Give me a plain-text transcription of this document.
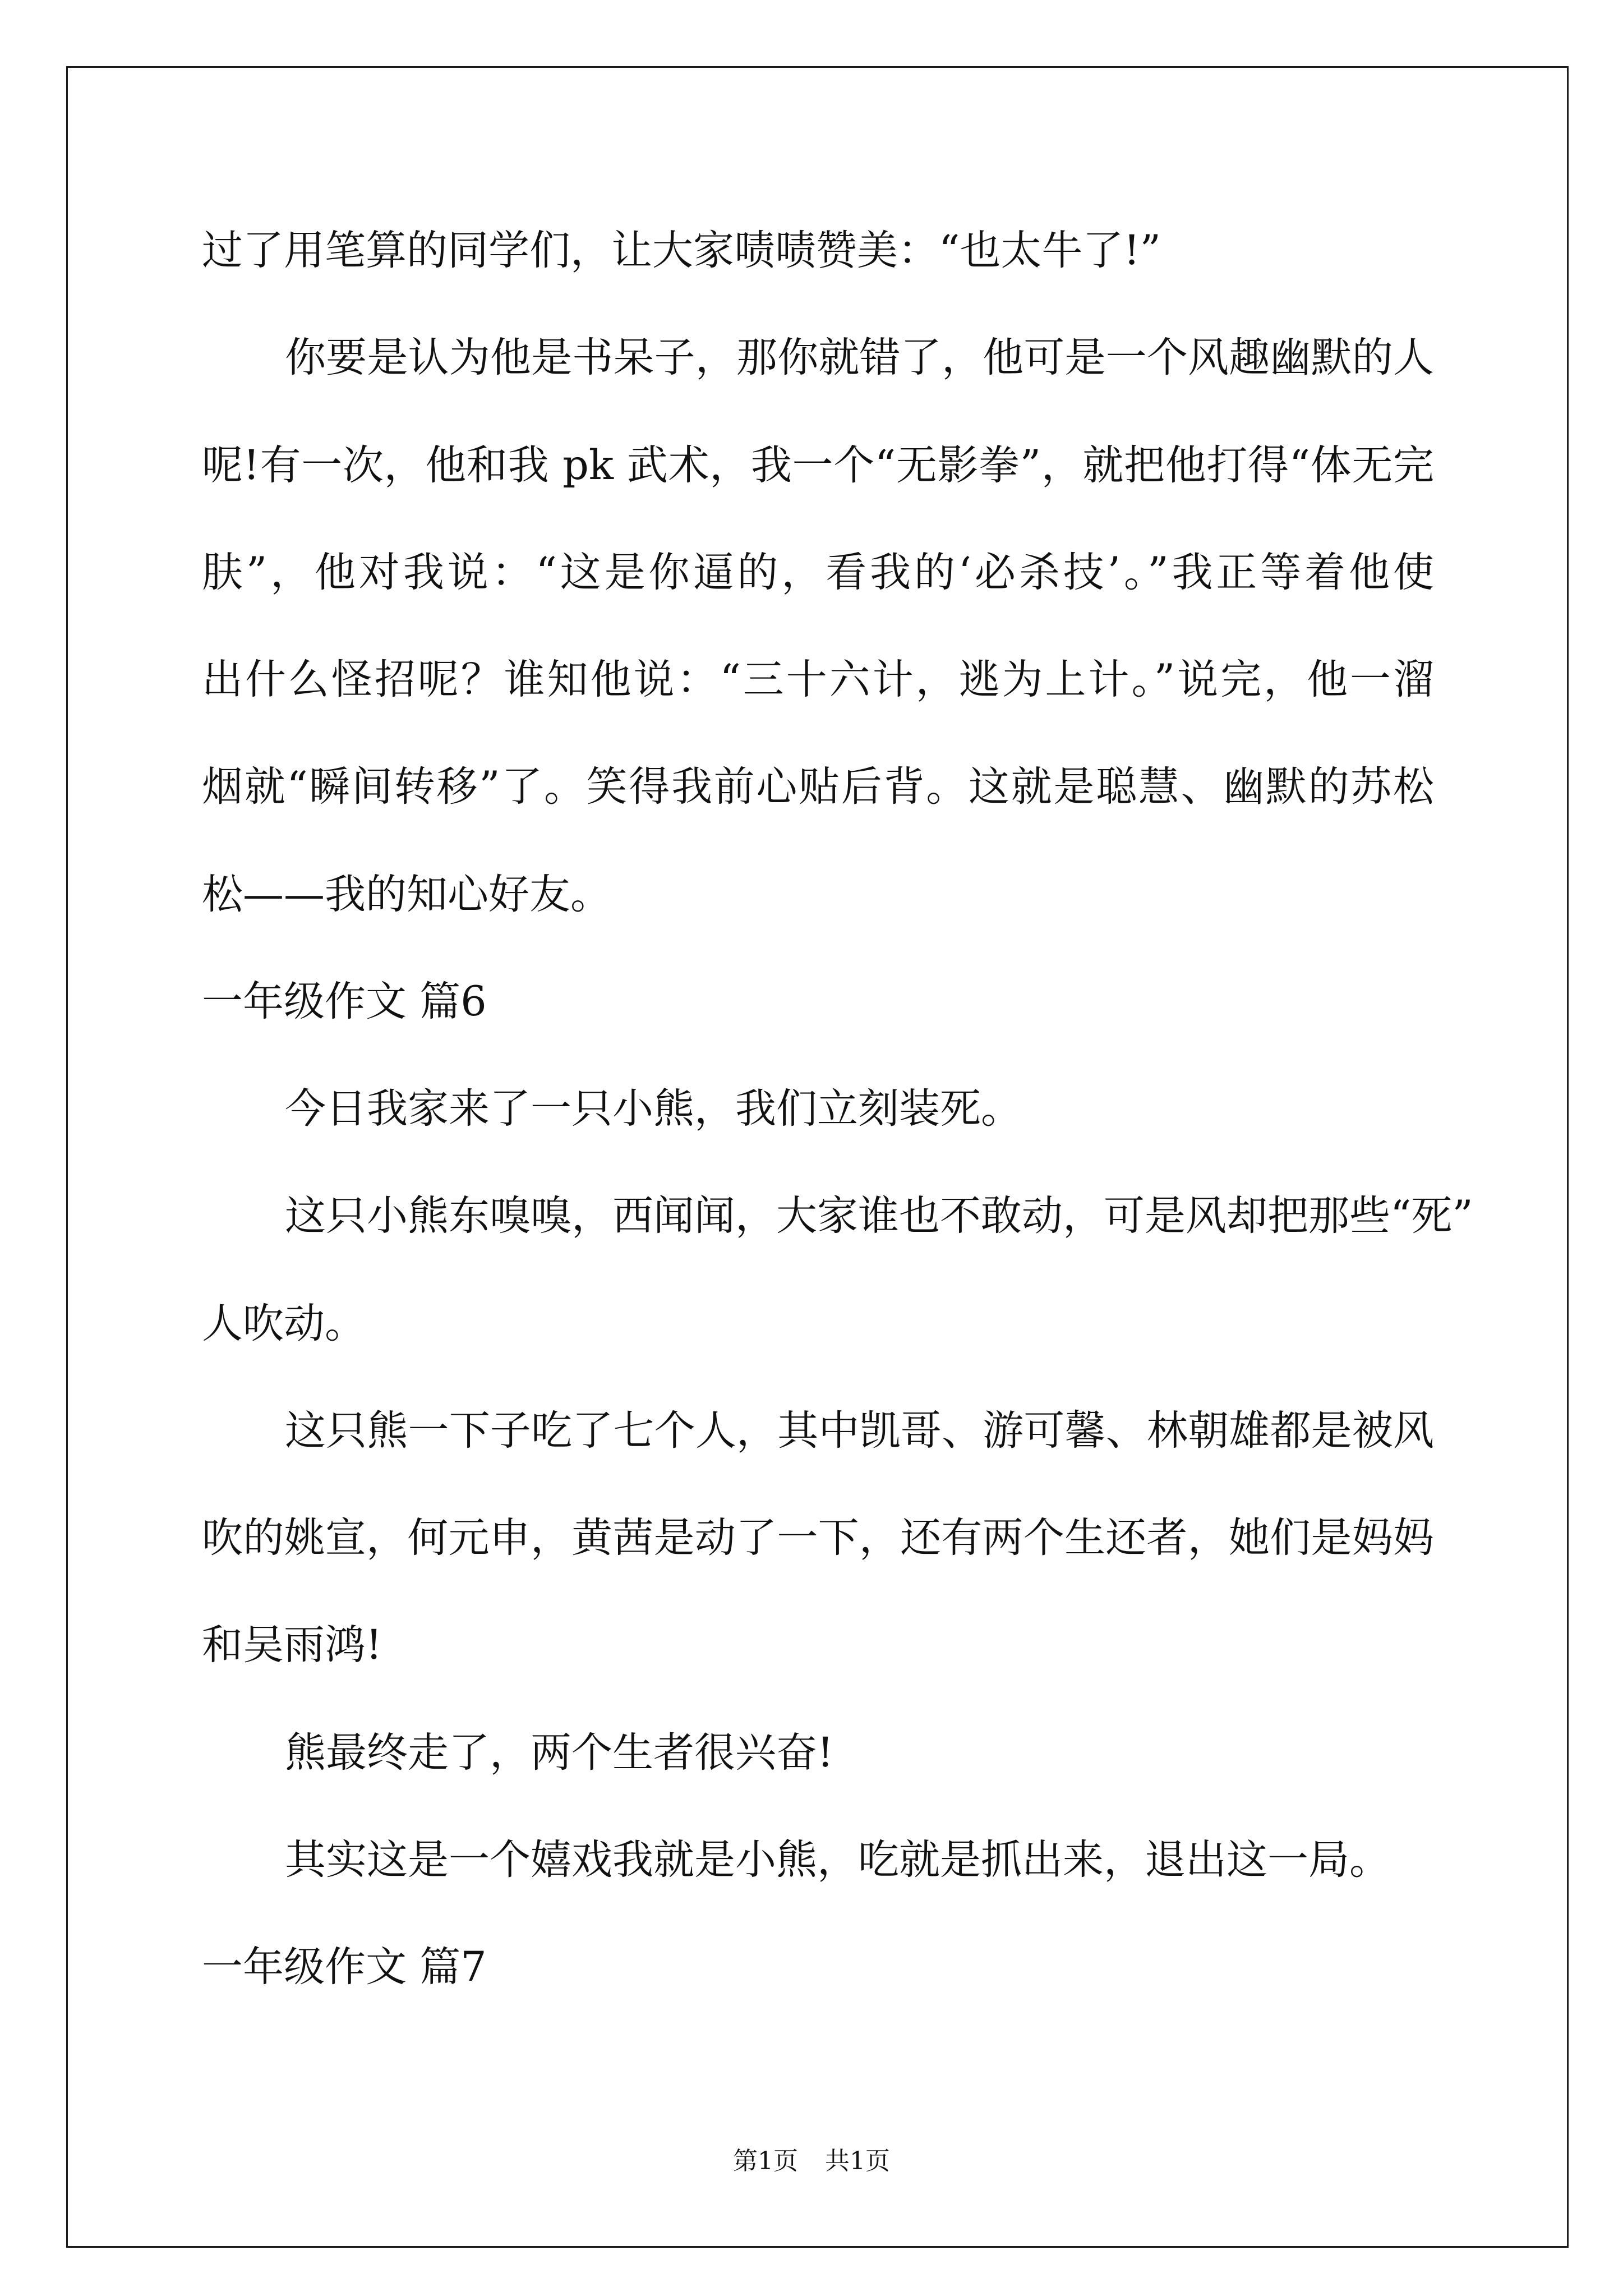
过了用笔算的同学们，让大家啧啧赞美：“也太牛了!”
你要是认为他是书呆子，那你就错了，他可是一个风趣幽默的人
呢!有一次，他和我 pk 武术，我一个“无影拳”，就把他打得“体无完
肤”，他对我说：“这是你逼的，看我的‘必杀技’。”我正等着他使
出什么怪招呢？谁知他说：“三十六计，逃为上计。”说完，他一溜
烟就“瞬间转移”了。笑得我前心贴后背。这就是聪慧、幽默的苏松
松——我的知心好友。
一年级作文 篇6
今日我家来了一只小熊，我们立刻装死。
这只小熊东嗅嗅，西闻闻，大家谁也不敢动，可是风却把那些“死”
人吹动。
这只熊一下子吃了七个人，其中凯哥、游可馨、林朝雄都是被风
吹的姚宣，何元申，黄茜是动了一下，还有两个生还者，她们是妈妈
和吴雨鸿!
熊最终走了，两个生者很兴奋!
其实这是一个嬉戏我就是小熊，吃就是抓出来，退出这一局。
一年级作文 篇7
第1页 共1页
